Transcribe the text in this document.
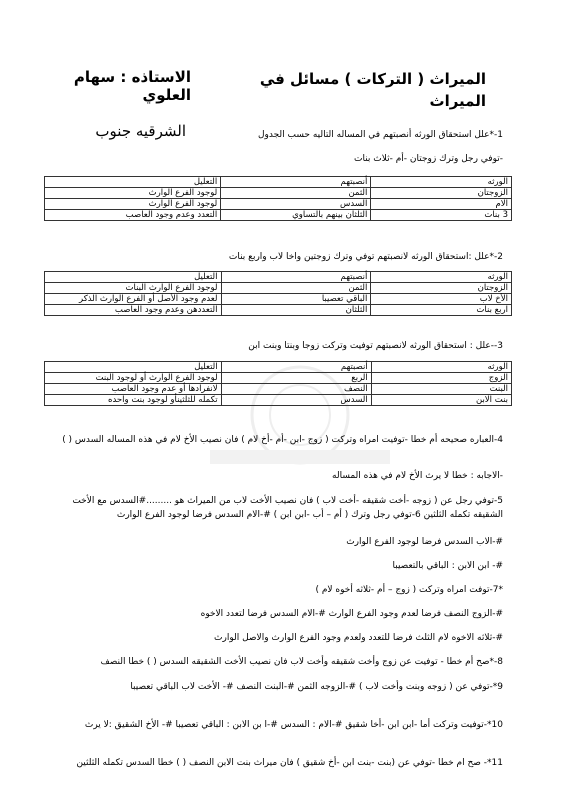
الميراث ( التركات ) مسائل في الميراث
الاستاذه : سهام العلوي
الشرقيه جنوب	1-*علل استحقاق الورثه أنصبتهم في المساله التاليه حسب الجدول
-توفي رجل وترك زوجتان -أم -ثلاث بنات
الورثه	أنصبتهم	التعليل
الزوجتان	الثمن	لوجود الفرع الوارث
الام	السدس	لوجود الفرع الوارث
3 بنات	الثلثان بينهم بالتساوي	التعدد وعدم وجود العاصب
2-*علل :استحقاق الورثه لانصبتهم توفي وترك زوجتين واخا لاب واربع بنات
الورثه	أنصبتهم	التعليل
الزوجتان	الثمن	لوجود الفرع الوارث البنات
الأخ لاب	الباقي تعصيبا	لعدم وجود الأصل أو الفرع الوارث الذكر
اربع بنات	الثلثان	التعددهن وعدم وجود العاصب
3--علل : استحقاق الورثه لانصبتهم توفيت وتركت زوجا وبنتا وبنت ابن
الورثه	أنصبتهم	التعليل
الزوج	الربع	لوجود الفرع الوارث أو لوجود البنت
البنت	النصف	لانفرادها أو عدم وجود العاصب
بنت الابن	السدس	تكمله للثلثينأو لوجود بنت واحده
4-العباره صحيحه أم خطا -توفيت امراه وتركت ( زوج -ابن -أم -أخ لام ) فان نصيب الأخ لام في هذه المساله السدس ( )
-الاجابه : خطا لا يرث الأخ لام في هذه المساله
5-توفي رجل عن ( زوجه -أخت شقيقه -أخت لاب ) فان نصيب الأخت لاب من الميراث هو .........#السدس مع الأخت الشقيقه تكمله الثلثين 6-توفي رجل وترك ( أم – أب -ابن ابن ) #-الام السدس فرضا لوجود الفرع الوارث
#-الاب السدس فرضا لوجود الفرع الوارث
#- ابن الابن : الباقي بالتعصيبا
*7-توفت امراه وتركت ( زوج – أم -ثلاثه أخوه لام )
#-الزوج النصف فرضا لعدم وجود الفرع الوارث #-الام السدس فرضا لتعدد الاخوه
#-ثلاثه الاخوه لام الثلث فرضا للتعدد ولعدم وجود الفرع الوارث والاصل الوارث
8-*صح أم خطا - توفيت عن زوج وأخت شقيقه وأخت لاب فان نصيب الأخت الشقيقه السدس ( ) خطا النصف
9*-توفي عن ( زوجه وبنت وأخت لاب ) #-الزوجه الثمن #-البنت النصف #- الأخت لاب الباقي تعصيبا
10*-توفيت وتركت أما -ابن ابن -أخا شقيق #-الام : السدس #-ا بن الابن : الباقي تعصيبا #- الأخ الشقيق :لا يرث
11*- صح ام خطا -توفي عن (بنت -بنت ابن -أخ شقيق ) فان ميراث بنت الابن النصف ( ) خطا السدس تكمله الثلثين
